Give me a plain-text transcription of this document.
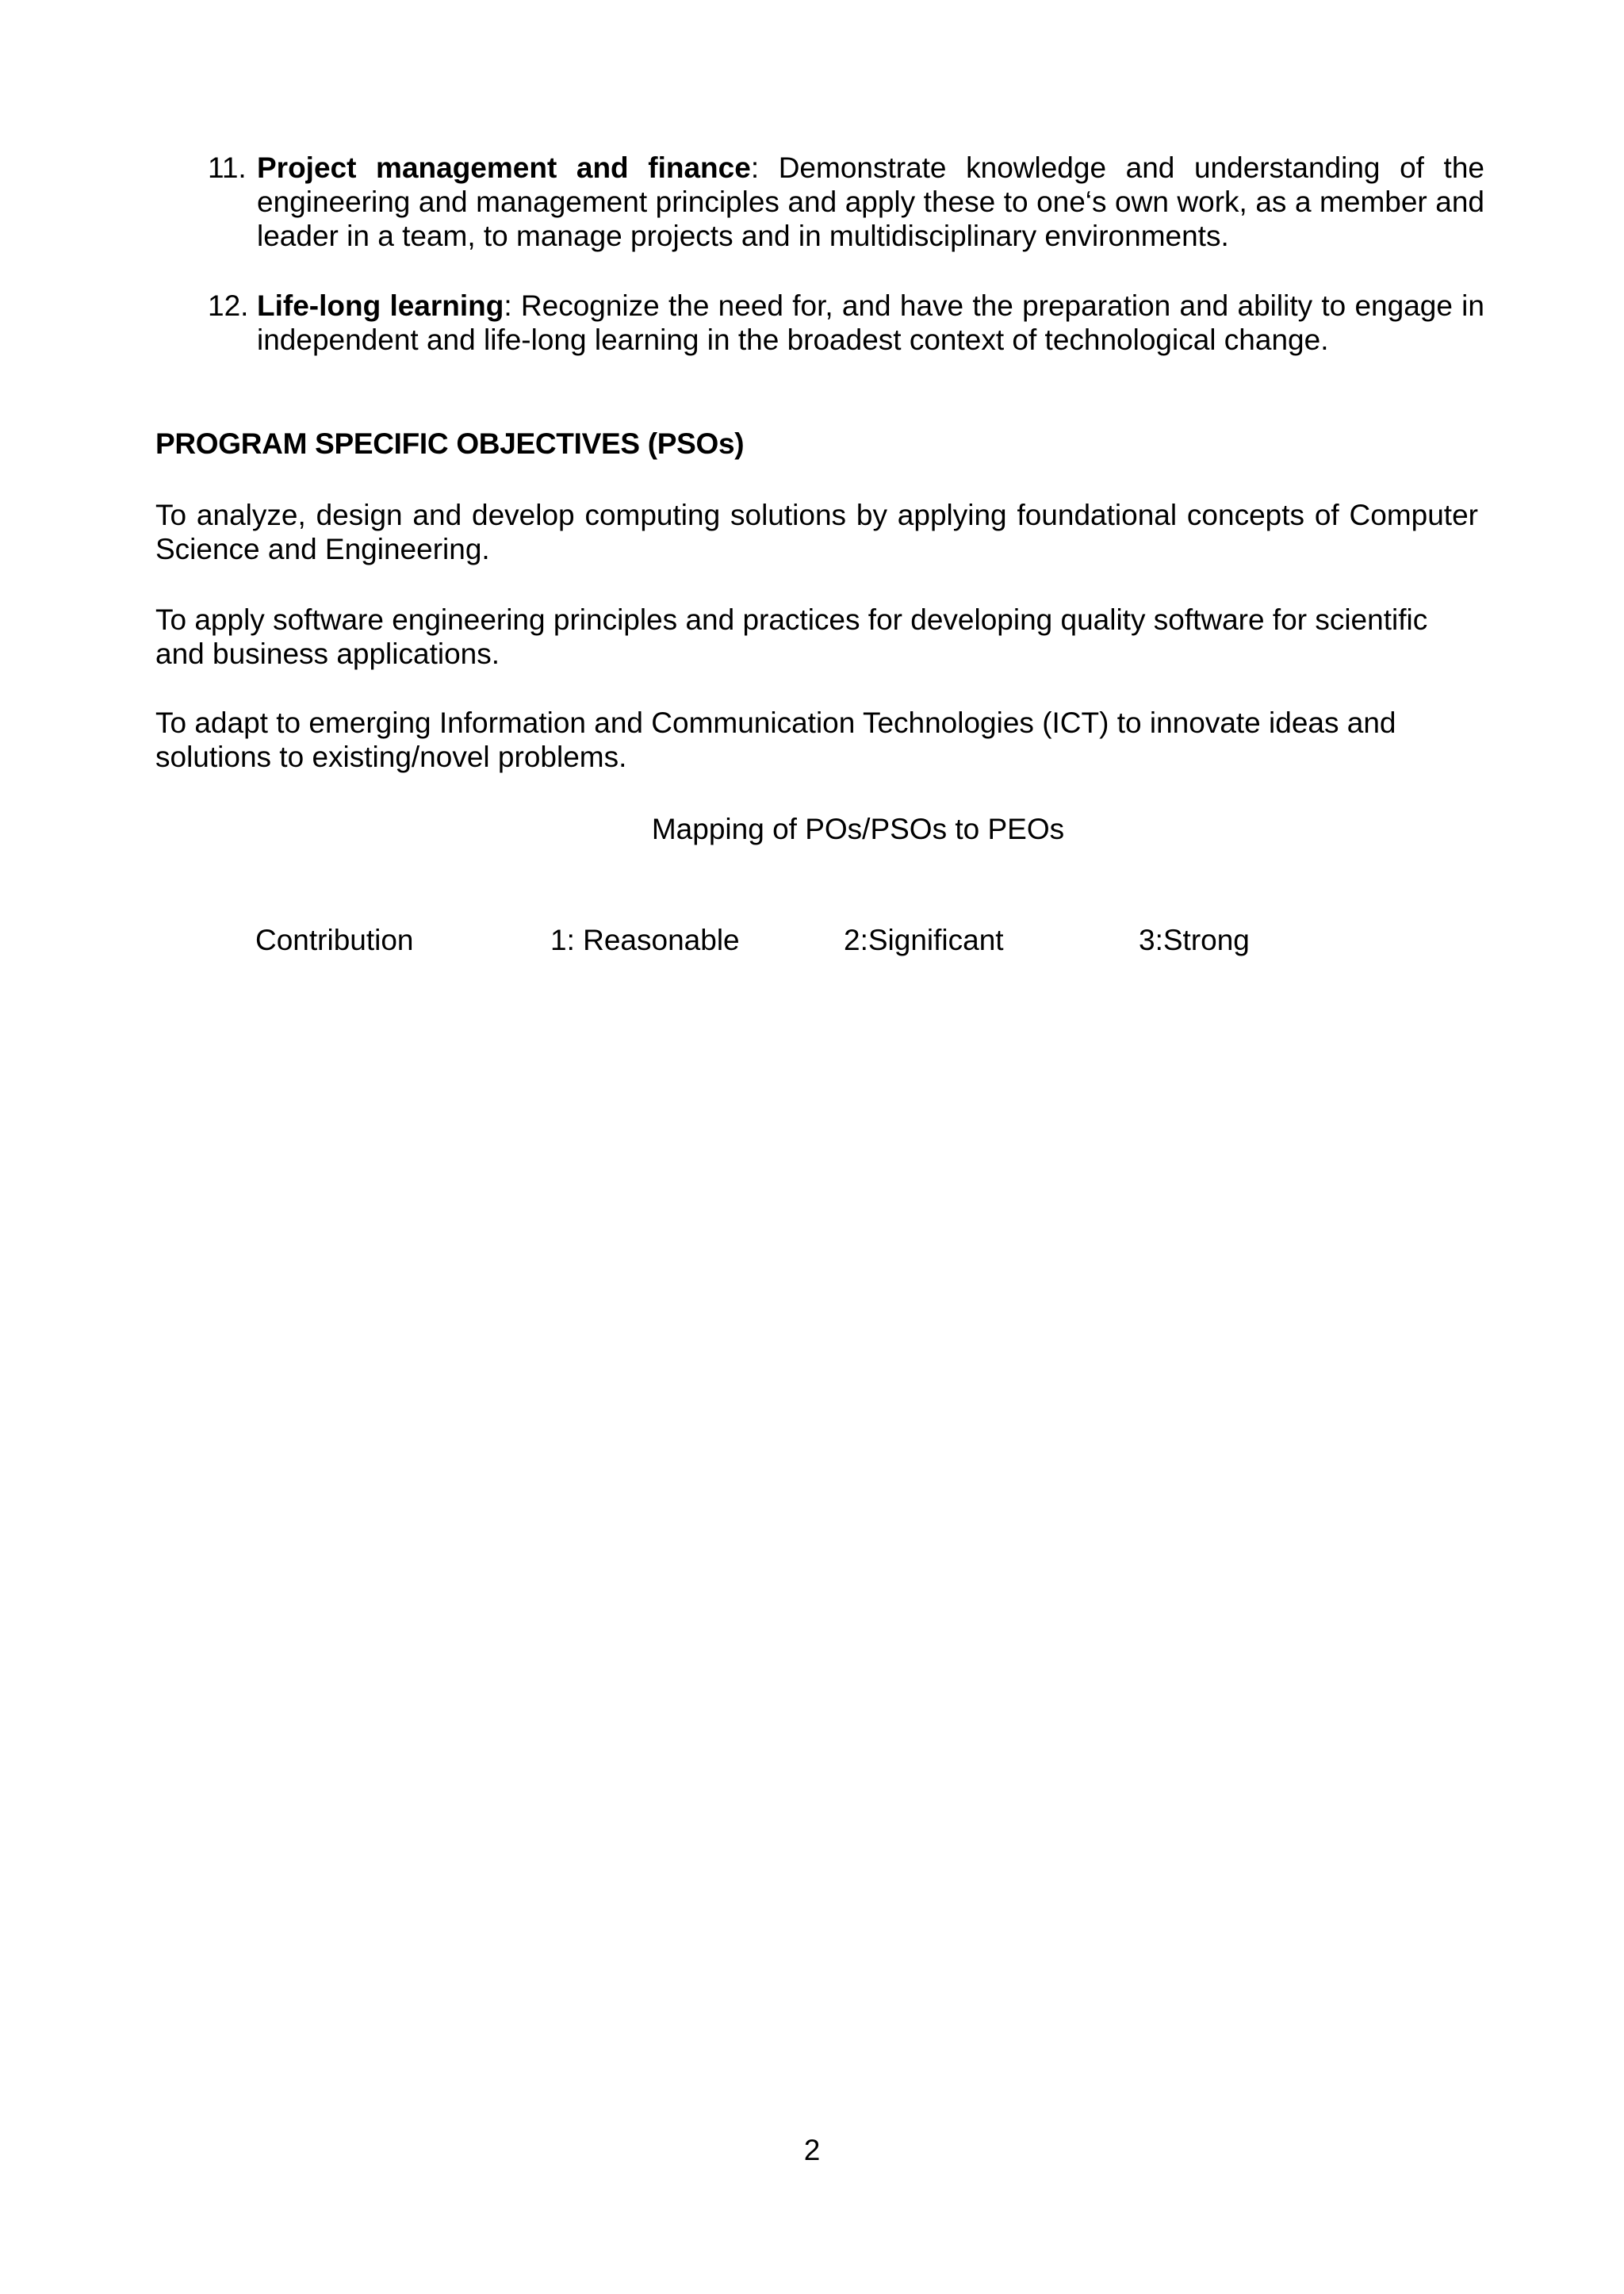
11. Project management and finance: Demonstrate knowledge and understanding of the engineering and management principles and apply these to one‘s own work, as a member and leader in a team, to manage projects and in multidisciplinary environments.
12. Life-long learning: Recognize the need for, and have the preparation and ability to engage in independent and life-long learning in the broadest context of technological change.
PROGRAM SPECIFIC OBJECTIVES (PSOs)
To analyze, design and develop computing solutions by applying foundational concepts of Computer Science and Engineering.
To apply software engineering principles and practices for developing quality software for scientific and business applications.
To adapt to emerging Information and Communication Technologies (ICT) to innovate ideas and solutions to existing/novel problems.
Mapping of POs/PSOs to PEOs
Contribution	1: Reasonable	2:Significant	3:Strong
2
